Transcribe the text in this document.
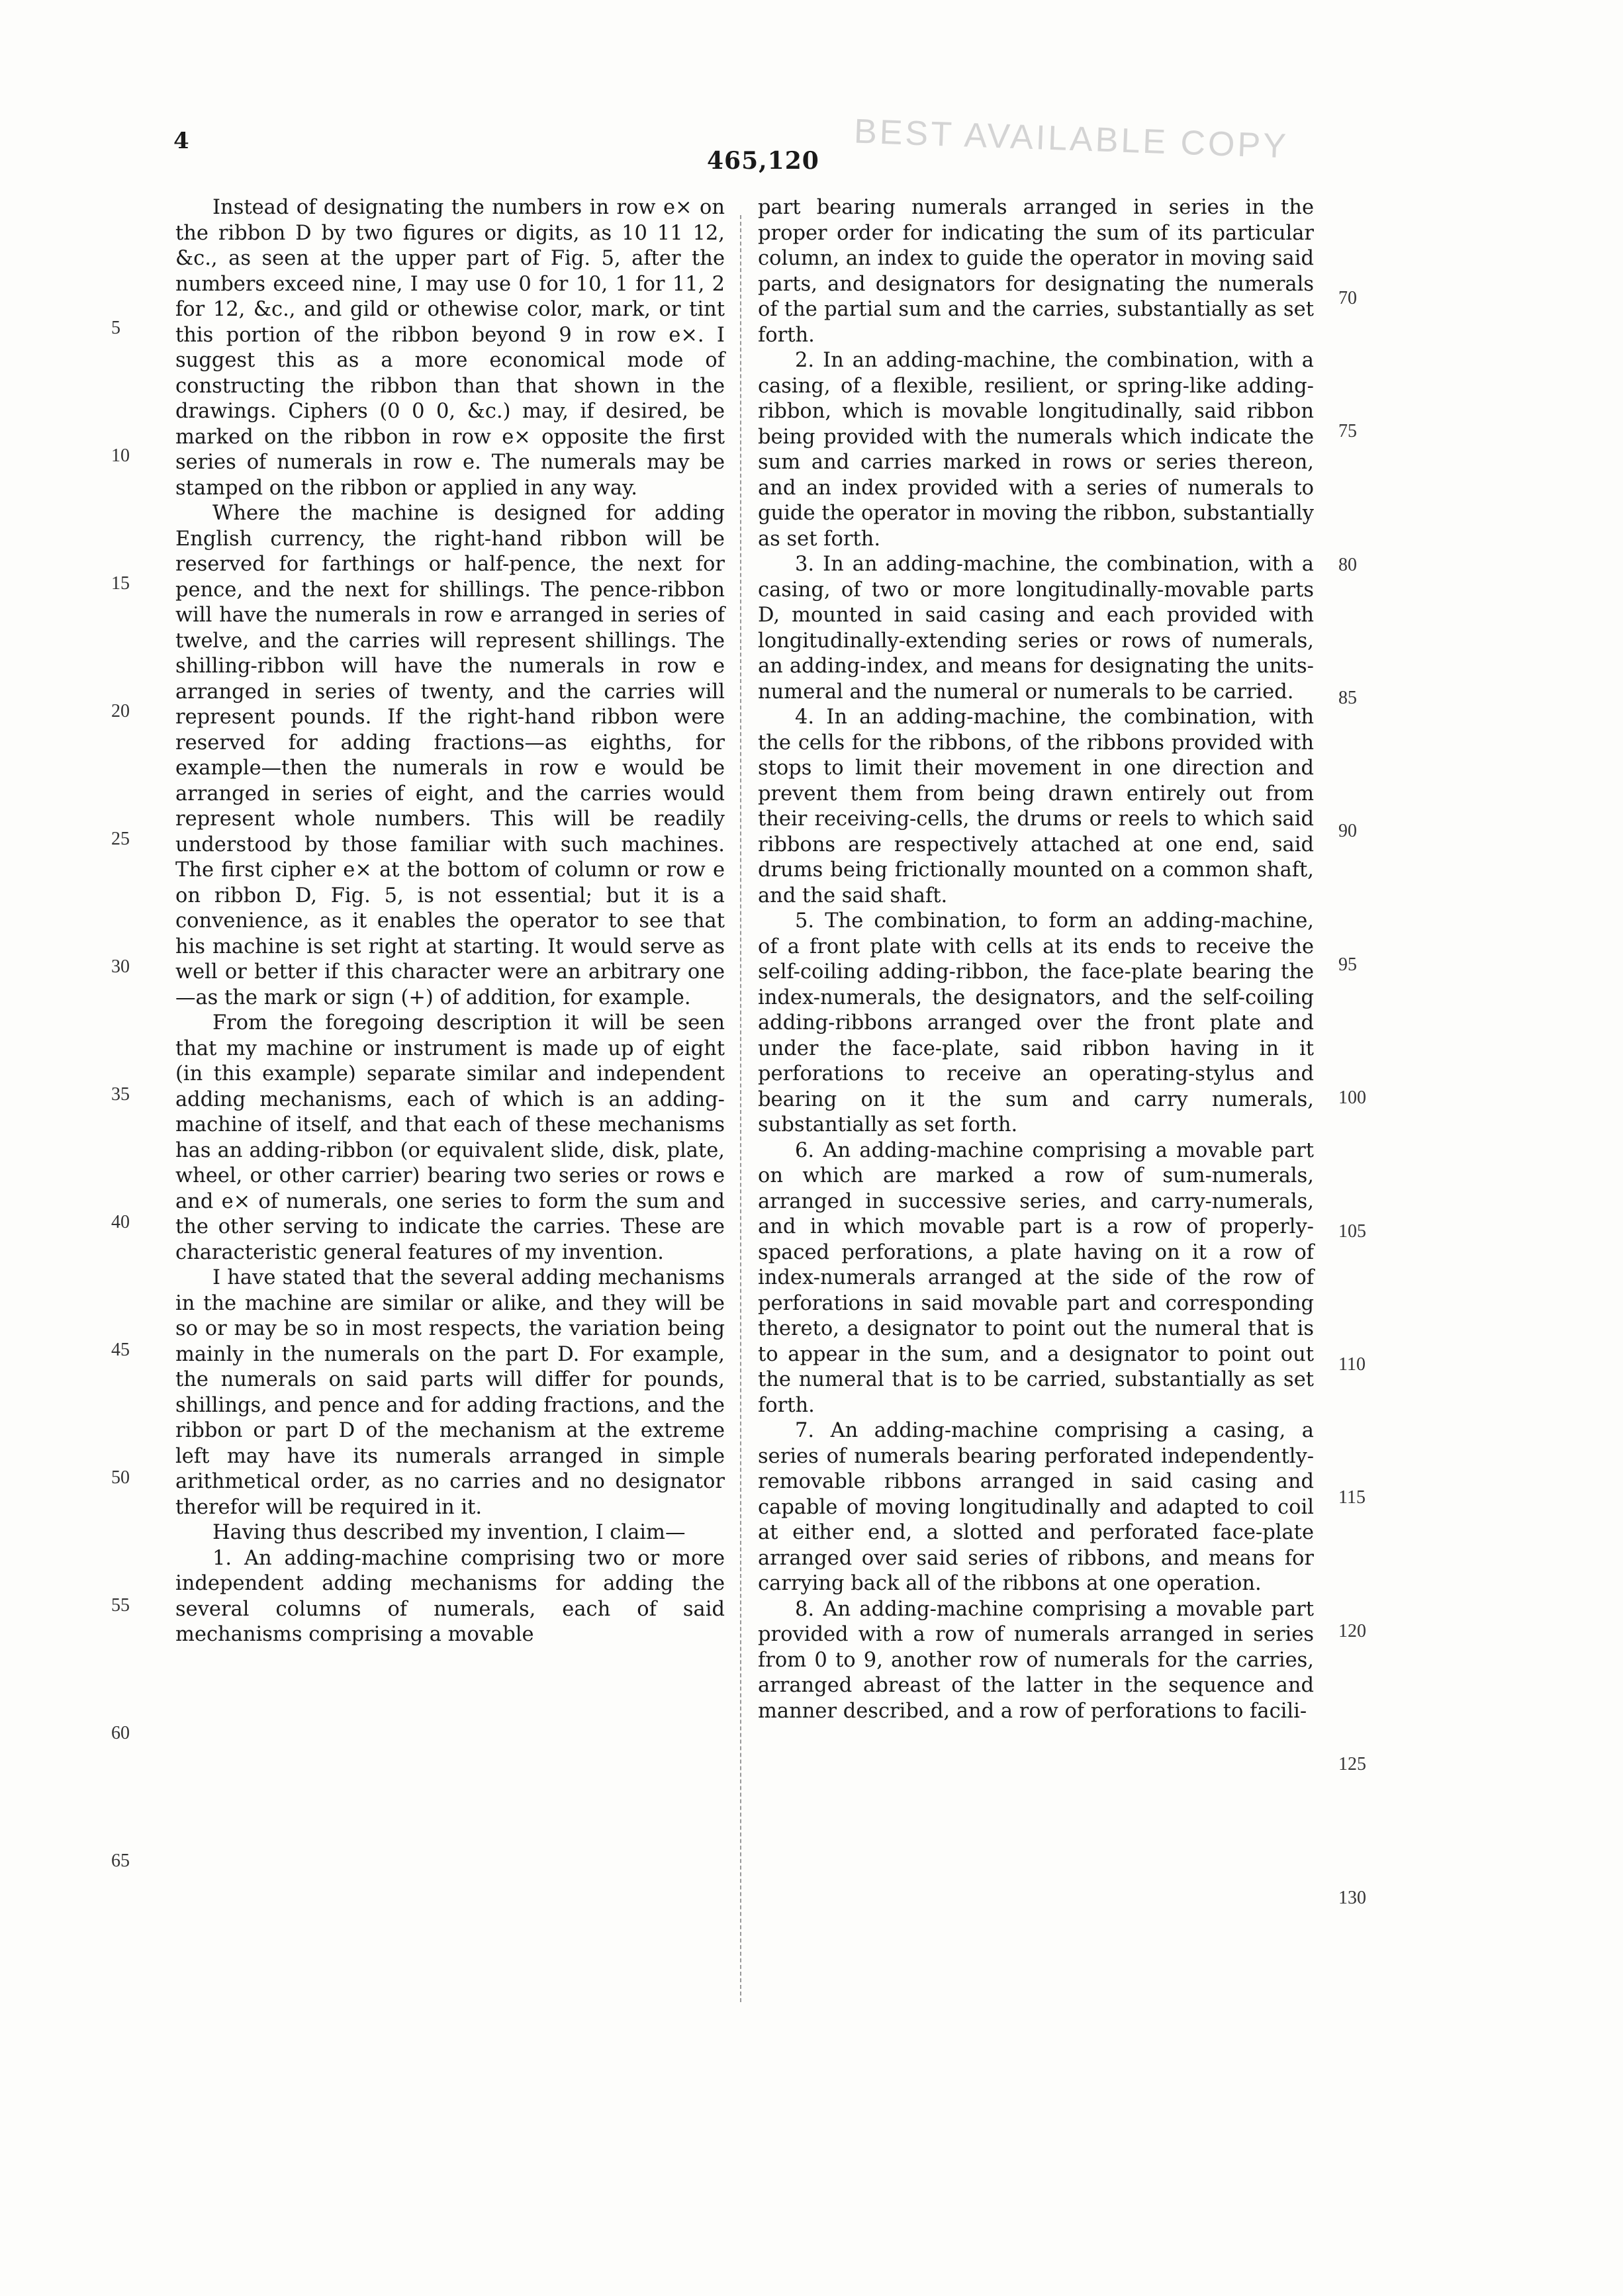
4
465,120 BEST AVAILABLE COPY

Instead of designating the numbers in row e× on the ribbon D by two figures or digits, as 10 11 12, &c., as seen at the upper part of Fig. 5, after the numbers exceed nine, I may use 0 for 10, 1 for 11, 2 for 12, &c., and gild or othewise color, mark, or tint this portion of the ribbon beyond 9 in row e×. I suggest this as a more economical mode of constructing the ribbon than that shown in the drawings. Ciphers (0 0 0, &c.) may, if desired, be marked on the ribbon in row e× opposite the first series of numerals in row e. The numerals may be stamped on the ribbon or applied in any way.

Where the machine is designed for adding English currency, the right-hand ribbon will be reserved for farthings or half-pence, the next for pence, and the next for shillings. The pence-ribbon will have the numerals in row e arranged in series of twelve, and the carries will represent shillings. The shilling-ribbon will have the numerals in row e arranged in series of twenty, and the carries will represent pounds. If the right-hand ribbon were reserved for adding fractions—as eighths, for example—then the numerals in row e would be arranged in series of eight, and the carries would represent whole numbers. This will be readily understood by those familiar with such machines. The first cipher e× at the bottom of column or row e on ribbon D, Fig. 5, is not essential; but it is a convenience, as it enables the operator to see that his machine is set right at starting. It would serve as well or better if this character were an arbitrary one—as the mark or sign (+) of addition, for example.

From the foregoing description it will be seen that my machine or instrument is made up of eight (in this example) separate similar and independent adding mechanisms, each of which is an adding-machine of itself, and that each of these mechanisms has an adding-ribbon (or equivalent slide, disk, plate, wheel, or other carrier) bearing two series or rows e and e× of numerals, one series to form the sum and the other serving to indicate the carries. These are characteristic general features of my invention.

I have stated that the several adding mechanisms in the machine are similar or alike, and they will be so or may be so in most respects, the variation being mainly in the numerals on the part D. For example, the numerals on said parts will differ for pounds, shillings, and pence and for adding fractions, and the ribbon or part D of the mechanism at the extreme left may have its numerals arranged in simple arithmetical order, as no carries and no designator therefor will be required in it.

Having thus described my invention, I claim—

1. An adding-machine comprising two or more independent adding mechanisms for adding the several columns of numerals, each of said mechanisms comprising a movable

part bearing numerals arranged in series in the proper order for indicating the sum of its particular column, an index to guide the operator in moving said parts, and designators for designating the numerals of the partial sum and the carries, substantially as set forth.

2. In an adding-machine, the combination, with a casing, of a flexible, resilient, or spring-like adding-ribbon, which is movable longitudinally, said ribbon being provided with the numerals which indicate the sum and carries marked in rows or series thereon, and an index provided with a series of numerals to guide the operator in moving the ribbon, substantially as set forth.

3. In an adding-machine, the combination, with a casing, of two or more longitudinally-movable parts D, mounted in said casing and each provided with longitudinally-extending series or rows of numerals, an adding-index, and means for designating the units-numeral and the numeral or numerals to be carried.

4. In an adding-machine, the combination, with the cells for the ribbons, of the ribbons provided with stops to limit their movement in one direction and prevent them from being drawn entirely out from their receiving-cells, the drums or reels to which said ribbons are respectively attached at one end, said drums being frictionally mounted on a common shaft, and the said shaft.

5. The combination, to form an adding-machine, of a front plate with cells at its ends to receive the self-coiling adding-ribbon, the face-plate bearing the index-numerals, the designators, and the self-coiling adding-ribbons arranged over the front plate and under the face-plate, said ribbon having in it perforations to receive an operating-stylus and bearing on it the sum and carry numerals, substantially as set forth.

6. An adding-machine comprising a movable part on which are marked a row of sum-numerals, arranged in successive series, and carry-numerals, and in which movable part is a row of properly-spaced perforations, a plate having on it a row of index-numerals arranged at the side of the row of perforations in said movable part and corresponding thereto, a designator to point out the numeral that is to appear in the sum, and a designator to point out the numeral that is to be carried, substantially as set forth.

7. An adding-machine comprising a casing, a series of numerals bearing perforated independently-removable ribbons arranged in said casing and capable of moving longitudinally and adapted to coil at either end, a slotted and perforated face-plate arranged over said series of ribbons, and means for carrying back all of the ribbons at one operation.

8. An adding-machine comprising a movable part provided with a row of numerals arranged in series from 0 to 9, another row of numerals for the carries, arranged abreast of the latter in the sequence and manner described, and a row of perforations to facili-

5
10
15
20
25
30
35
40
45
50
55
60
65
70
75
80
85
90
95
100
105
110
115
120
125
130
